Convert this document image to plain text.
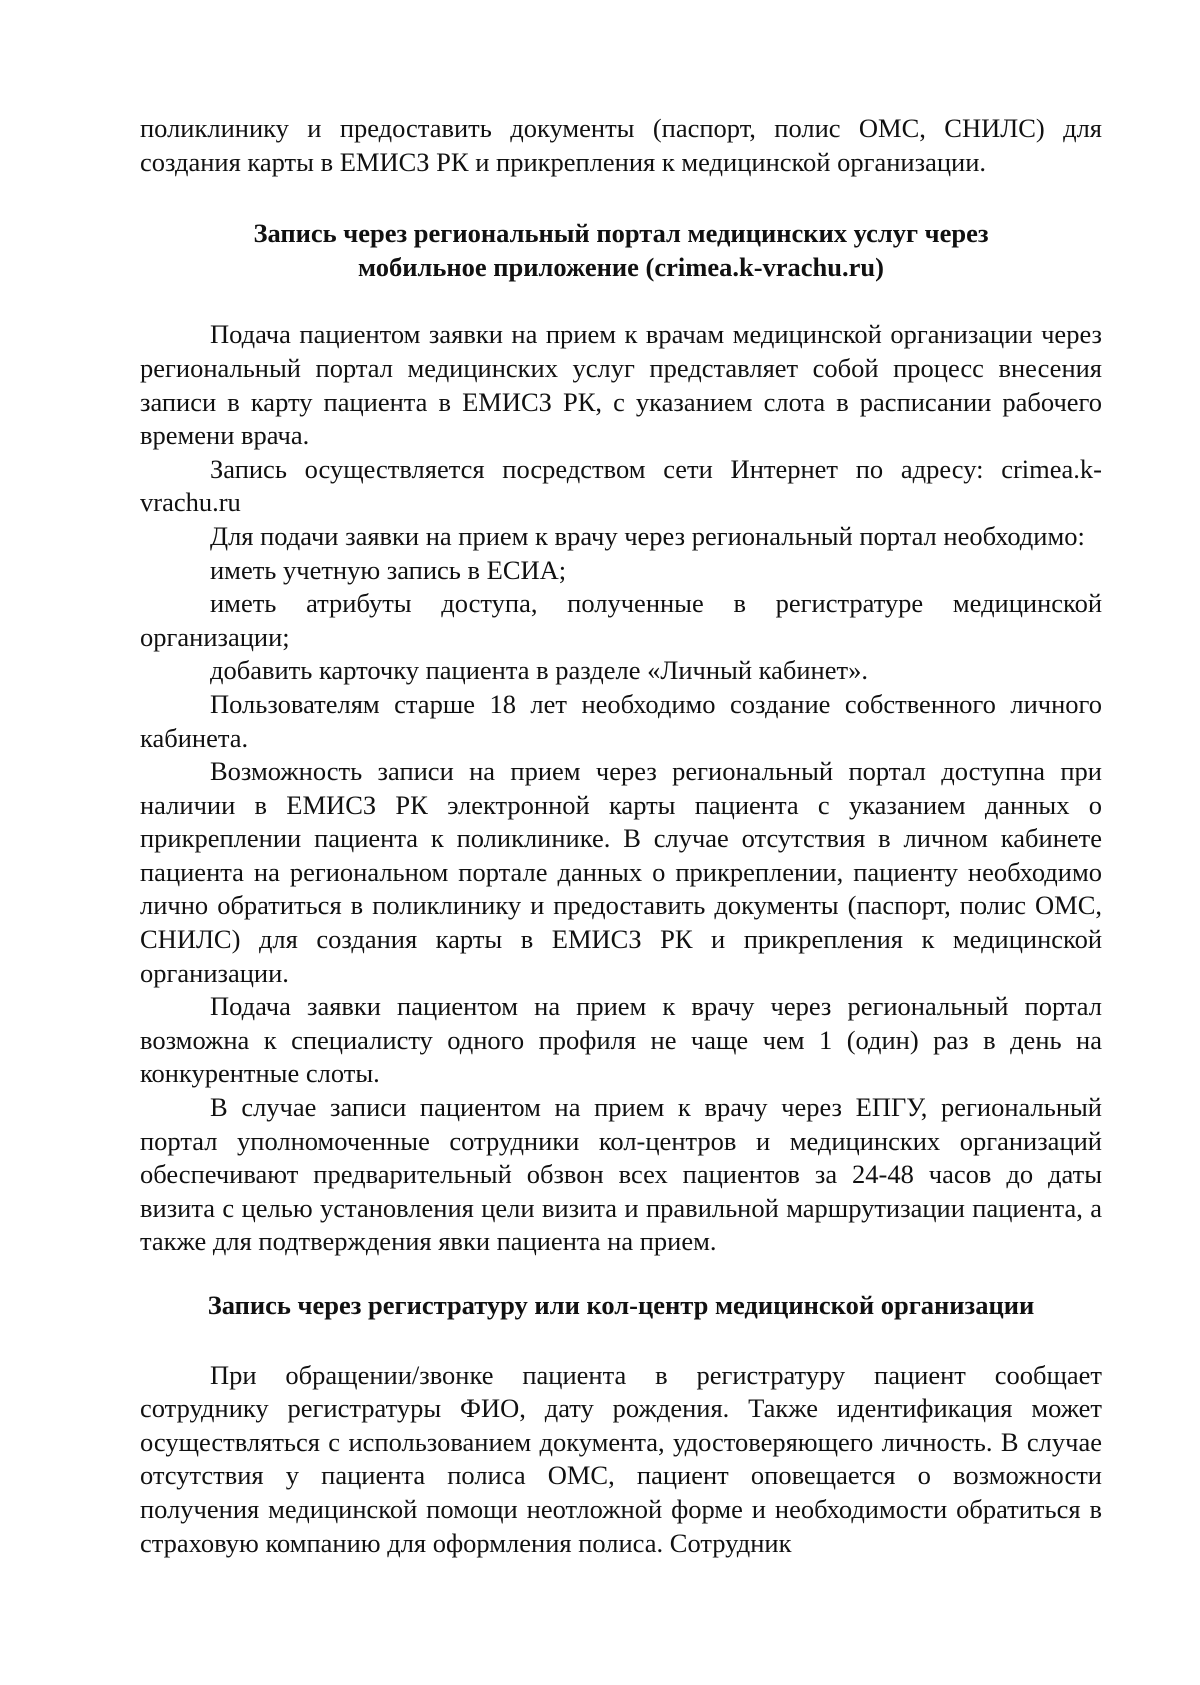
поликлинику и предоставить документы (паспорт, полис ОМС, СНИЛС) для создания карты в ЕМИСЗ РК и прикрепления к медицинской организации.

Запись через региональный портал медицинских услуг через
мобильное приложение (crimea.k-vrachu.ru)

Подача пациентом заявки на прием к врачам медицинской организации через региональный портал медицинских услуг представляет собой процесс внесения записи в карту пациента в ЕМИСЗ РК, с указанием слота в расписании рабочего времени врача.

Запись осуществляется посредством сети Интернет по адресу: crimea.k-vrachu.ru

Для подачи заявки на прием к врачу через региональный портал необходимо:

иметь учетную запись в ЕСИА;

иметь атрибуты доступа, полученные в регистратуре медицинской организации;

добавить карточку пациента в разделе «Личный кабинет».

Пользователям старше 18 лет необходимо создание собственного личного кабинета.

Возможность записи на прием через региональный портал доступна при наличии в ЕМИСЗ РК электронной карты пациента с указанием данных о прикреплении пациента к поликлинике. В случае отсутствия в личном кабинете пациента на региональном портале данных о прикреплении, пациенту необходимо лично обратиться в поликлинику и предоставить документы (паспорт, полис ОМС, СНИЛС) для создания карты в ЕМИСЗ РК и прикрепления к медицинской организации.

Подача заявки пациентом на прием к врачу через региональный портал возможна к специалисту одного профиля не чаще чем 1 (один) раз в день на конкурентные слоты.

В случае записи пациентом на прием к врачу через ЕПГУ, региональный портал уполномоченные сотрудники кол-центров и медицинских организаций обеспечивают предварительный обзвон всех пациентов за 24-48 часов до даты визита с целью установления цели визита и правильной маршрутизации пациента, а также для подтверждения явки пациента на прием.

Запись через регистратуру или кол-центр медицинской организации

При обращении/звонке пациента в регистратуру пациент сообщает сотруднику регистратуры ФИО, дату рождения. Также идентификация может осуществляться с использованием документа, удостоверяющего личность. В случае отсутствия у пациента полиса ОМС, пациент оповещается о возможности получения медицинской помощи неотложной форме и необходимости обратиться в страховую компанию для оформления полиса. Сотрудник
